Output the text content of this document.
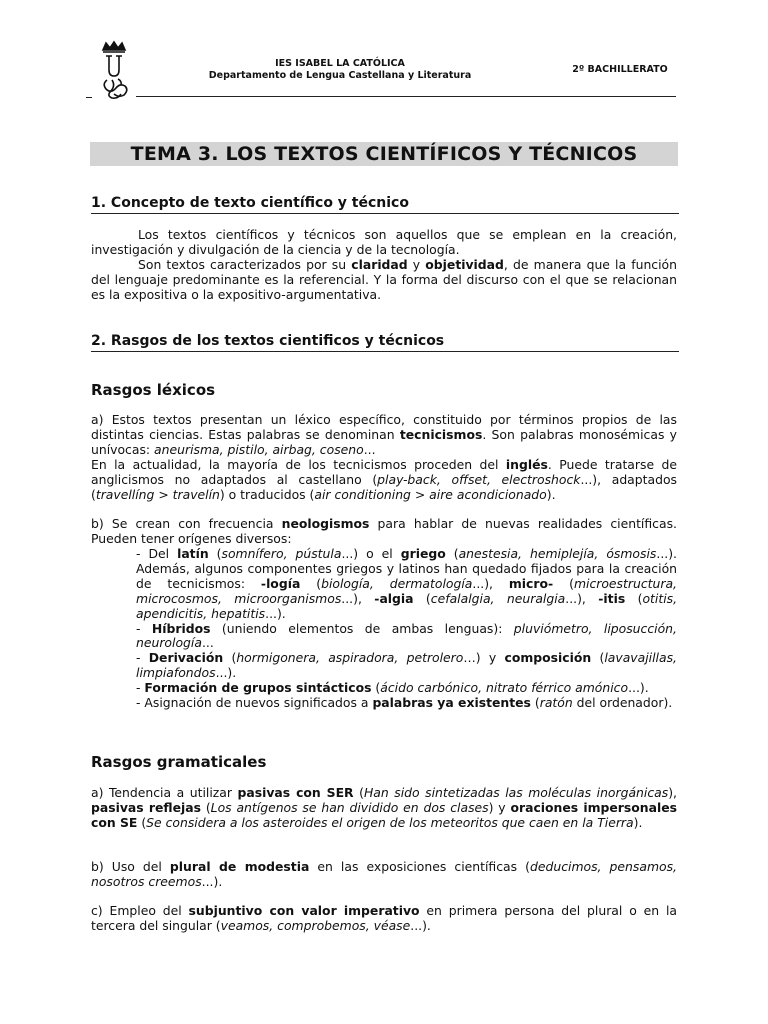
IES ISABEL LA CATÓLICA
Departamento de Lengua Castellana y Literatura
2º BACHILLERATO
TEMA 3. LOS TEXTOS CIENTÍFICOS Y TÉCNICOS
1. Concepto de texto científico y técnico

Los textos científicos y técnicos son aquellos que se emplean en la creación, investigación y divulgación de la ciencia y de la tecnología.

Son textos caracterizados por su claridad y objetividad, de manera que la función del lenguaje predominante es la referencial. Y la forma del discurso con el que se relacionan es la expositiva o la expositivo-argumentativa.

2. Rasgos de los textos cientificos y técnicos
Rasgos léxicos

a) Estos textos presentan un léxico específico, constituido por términos propios de las distintas ciencias. Estas palabras se denominan tecnicismos. Son palabras monosémicas y unívocas: aneurisma, pistilo, airbag, coseno...

En la actualidad, la mayoría de los tecnicismos proceden del inglés. Puede tratarse de anglicismos no adaptados al castellano (play-back, offset, electroshock...), adaptados (travellíng > travelín) o traducidos (air conditioning > aire acondicionado).

b) Se crean con frecuencia neologismos para hablar de nuevas realidades científicas. Pueden tener orígenes diversos:

- Del latín (somnífero, pústula...) o el griego (anestesia, hemiplejía, ósmosis...). Además, algunos componentes griegos y latinos han quedado fijados para la creación de tecnicismos: -logía (biología, dermatología...), micro- (microestructura, microcosmos, microorganismos...), -algia (cefalalgia, neuralgia...), -itis (otitis, apendicitis, hepatitis...).

- Híbridos (uniendo elementos de ambas lenguas): pluviómetro, liposucción, neurología...

- Derivación (hormigonera, aspiradora, petrolero…) y composición (lavavajillas, limpiafondos...).

- Formación de grupos sintácticos (ácido carbónico, nitrato férrico amónico...).

- Asignación de nuevos significados a palabras ya existentes (ratón del ordenador).

Rasgos gramaticales

a) Tendencia a utilizar pasivas con SER (Han sido sintetizadas las moléculas inorgánicas), pasivas reflejas (Los antígenos se han dividido en dos clases) y oraciones impersonales con SE (Se considera a los asteroides el origen de los meteoritos que caen en la Tierra).

b) Uso del plural de modestia en las exposiciones científicas (deducimos, pensamos, nosotros creemos...).

c) Empleo del subjuntivo con valor imperativo en primera persona del plural o en la tercera del singular (veamos, comprobemos, véase...).
